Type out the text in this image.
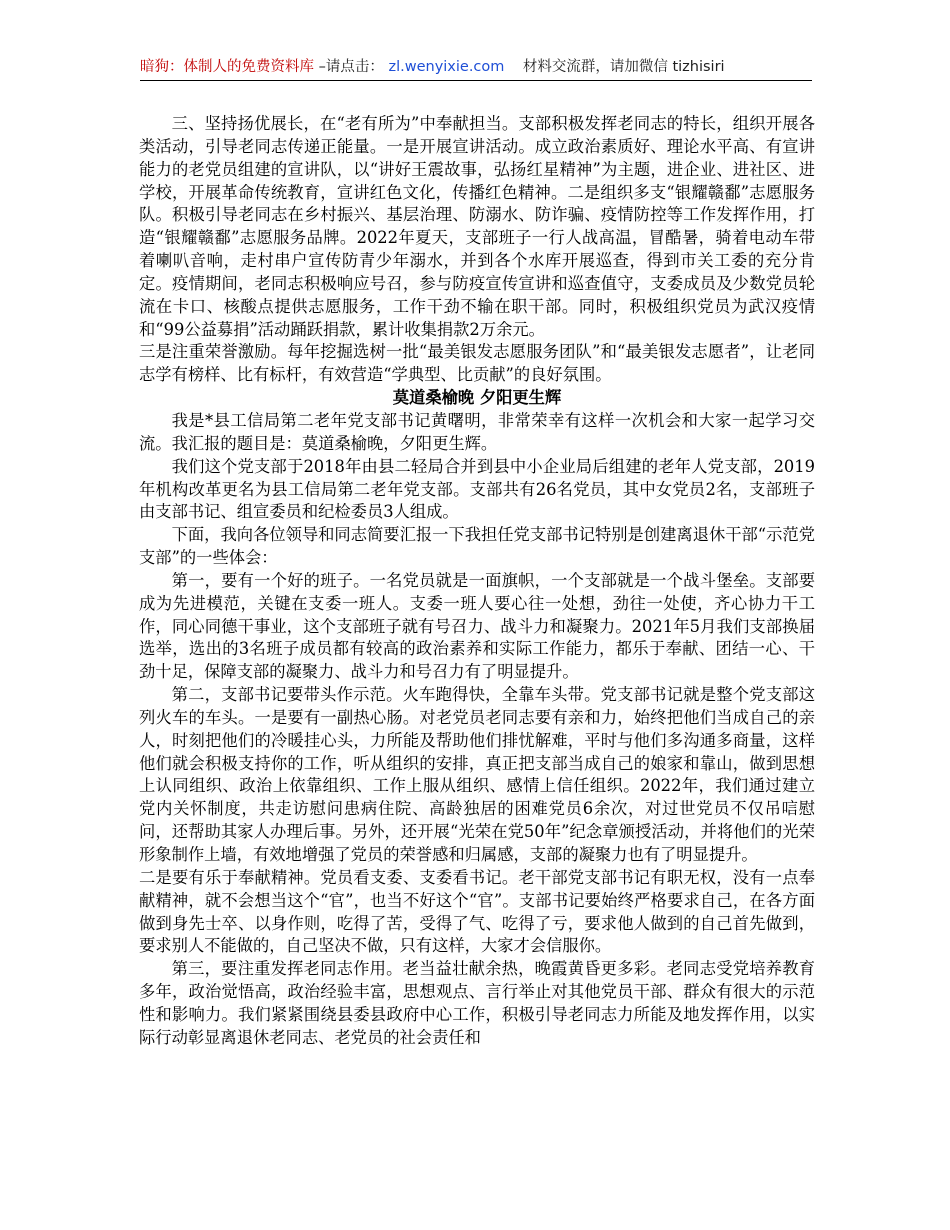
暗狗：体制人的免费资料库 –请点击： zl.wenyixie.com 材料交流群，请加微信 tizhisiri

三、坚持扬优展长，在“老有所为”中奉献担当。支部积极发挥老同志的特长，组织开展各类活动，引导老同志传递正能量。一是开展宣讲活动。成立政治素质好、理论水平高、有宣讲能力的老党员组建的宣讲队，以“讲好王震故事，弘扬红星精神”为主题，进企业、进社区、进学校，开展革命传统教育，宣讲红色文化，传播红色精神。二是组织多支“银耀赣鄱”志愿服务队。积极引导老同志在乡村振兴、基层治理、防溺水、防诈骗、疫情防控等工作发挥作用，打造“银耀赣鄱”志愿服务品牌。2022年夏天，支部班子一行人战高温，冒酷暑，骑着电动车带着喇叭音响，走村串户宣传防青少年溺水，并到各个水库开展巡查，得到市关工委的充分肯定。疫情期间，老同志积极响应号召，参与防疫宣传宣讲和巡查值守，支委成员及少数党员轮流在卡口、核酸点提供志愿服务，工作干劲不输在职干部。同时，积极组织党员为武汉疫情和“99公益募捐”活动踊跃捐款，累计收集捐款2万余元。

三是注重荣誉激励。每年挖掘选树一批“最美银发志愿服务团队”和“最美银发志愿者”，让老同志学有榜样、比有标杆，有效营造“学典型、比贡献”的良好氛围。

莫道桑榆晚 夕阳更生辉

我是*县工信局第二老年党支部书记黄曙明，非常荣幸有这样一次机会和大家一起学习交流。我汇报的题目是：莫道桑榆晚，夕阳更生辉。

我们这个党支部于2018年由县二轻局合并到县中小企业局后组建的老年人党支部，2019年机构改革更名为县工信局第二老年党支部。支部共有26名党员，其中女党员2名，支部班子由支部书记、组宣委员和纪检委员3人组成。

下面，我向各位领导和同志简要汇报一下我担任党支部书记特别是创建离退休干部“示范党支部”的一些体会：

第一，要有一个好的班子。一名党员就是一面旗帜，一个支部就是一个战斗堡垒。支部要成为先进模范，关键在支委一班人。支委一班人要心往一处想，劲往一处使，齐心协力干工作，同心同德干事业，这个支部班子就有号召力、战斗力和凝聚力。2021年5月我们支部换届选举，选出的3名班子成员都有较高的政治素养和实际工作能力，都乐于奉献、团结一心、干劲十足，保障支部的凝聚力、战斗力和号召力有了明显提升。

第二，支部书记要带头作示范。火车跑得快，全靠车头带。党支部书记就是整个党支部这列火车的车头。一是要有一副热心肠。对老党员老同志要有亲和力，始终把他们当成自己的亲人，时刻把他们的冷暖挂心头，力所能及帮助他们排忧解难，平时与他们多沟通多商量，这样他们就会积极支持你的工作，听从组织的安排，真正把支部当成自己的娘家和靠山，做到思想上认同组织、政治上依靠组织、工作上服从组织、感情上信任组织。2022年，我们通过建立党内关怀制度，共走访慰问患病住院、高龄独居的困难党员6余次，对过世党员不仅吊唁慰问，还帮助其家人办理后事。另外，还开展“光荣在党50年”纪念章颁授活动，并将他们的光荣形象制作上墙，有效地增强了党员的荣誉感和归属感，支部的凝聚力也有了明显提升。

二是要有乐于奉献精神。党员看支委、支委看书记。老干部党支部书记有职无权，没有一点奉献精神，就不会想当这个“官”，也当不好这个“官”。支部书记要始终严格要求自己，在各方面做到身先士卒、以身作则，吃得了苦，受得了气、吃得了亏，要求他人做到的自己首先做到，要求别人不能做的，自己坚决不做，只有这样，大家才会信服你。

第三，要注重发挥老同志作用。老当益壮献余热，晚霞黄昏更多彩。老同志受党培养教育多年，政治觉悟高，政治经验丰富，思想观点、言行举止对其他党员干部、群众有很大的示范性和影响力。我们紧紧围绕县委县政府中心工作，积极引导老同志力所能及地发挥作用，以实际行动彰显离退休老同志、老党员的社会责任和
